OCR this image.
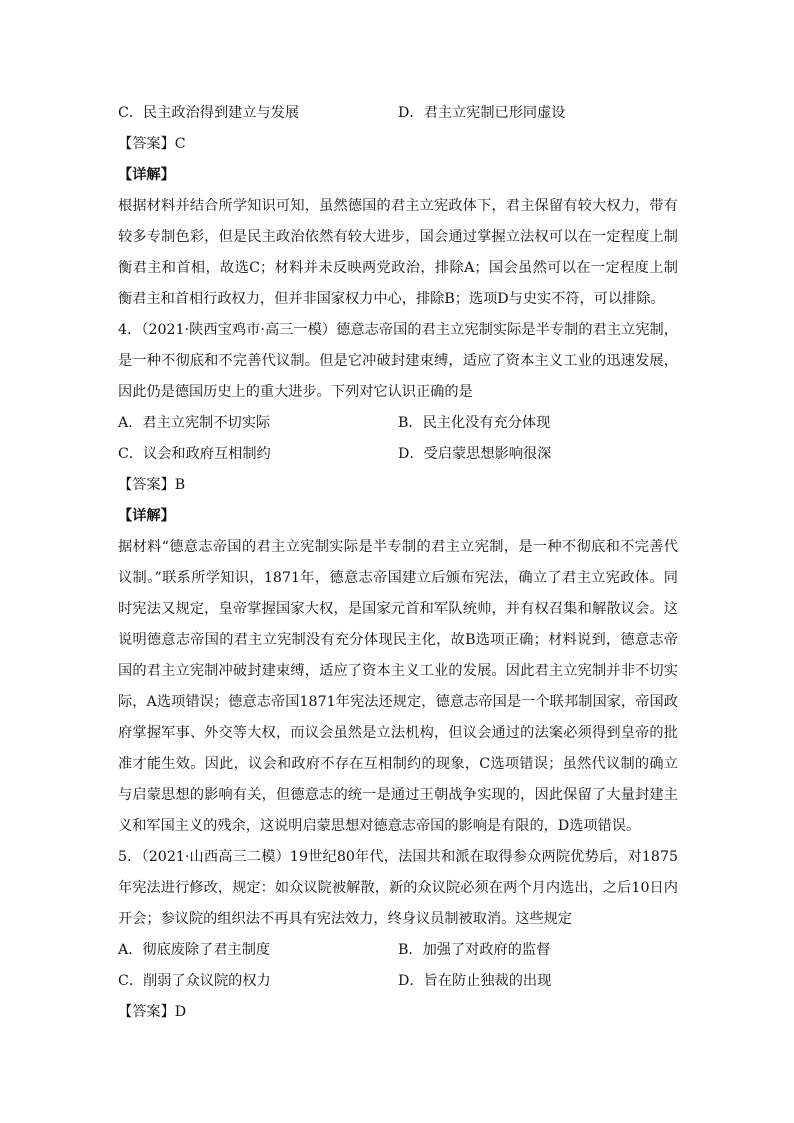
C．民主政治得到建立与发展	D．君主立宪制已形同虚设
【答案】C
【详解】

根据材料并结合所学知识可知，虽然德国的君主立宪政体下，君主保留有较大权力，带有较多专制色彩，但是民主政治依然有较大进步，国会通过掌握立法权可以在一定程度上制衡君主和首相，故选C；材料并未反映两党政治，排除A；国会虽然可以在一定程度上制衡君主和首相行政权力，但并非国家权力中心，排除B；选项D与史实不符，可以排除。

4．（2021·陕西宝鸡市·高三一模）德意志帝国的君主立宪制实际是半专制的君主立宪制，是一种不彻底和不完善代议制。但是它冲破封建束缚，适应了资本主义工业的迅速发展，因此仍是德国历史上的重大进步。下列对它认识正确的是

A．君主立宪制不切实际	B．民主化没有充分体现
C．议会和政府互相制约	D．受启蒙思想影响很深
【答案】B
【详解】

据材料“德意志帝国的君主立宪制实际是半专制的君主立宪制，是一种不彻底和不完善代议制。”联系所学知识，1871年，德意志帝国建立后颁布宪法，确立了君主立宪政体。同时宪法又规定，皇帝掌握国家大权，是国家元首和军队统帅，并有权召集和解散议会。这说明德意志帝国的君主立宪制没有充分体现民主化，故B选项正确；材料说到，德意志帝国的君主立宪制冲破封建束缚，适应了资本主义工业的发展。因此君主立宪制并非不切实际，A选项错误；德意志帝国1871年宪法还规定，德意志帝国是一个联邦制国家，帝国政府掌握军事、外交等大权，而议会虽然是立法机构，但议会通过的法案必须得到皇帝的批准才能生效。因此，议会和政府不存在互相制约的现象，C选项错误；虽然代议制的确立与启蒙思想的影响有关，但德意志的统一是通过王朝战争实现的，因此保留了大量封建主义和军国主义的残余，这说明启蒙思想对德意志帝国的影响是有限的，D选项错误。

5．（2021·山西高三二模）19世纪80年代，法国共和派在取得参众两院优势后，对1875年宪法进行修改，规定：如众议院被解散，新的众议院必须在两个月内选出，之后10日内开会；参议院的组织法不再具有宪法效力，终身议员制被取消。这些规定

A．彻底废除了君主制度	B．加强了对政府的监督
C．削弱了众议院的权力	D．旨在防止独裁的出现
【答案】D
